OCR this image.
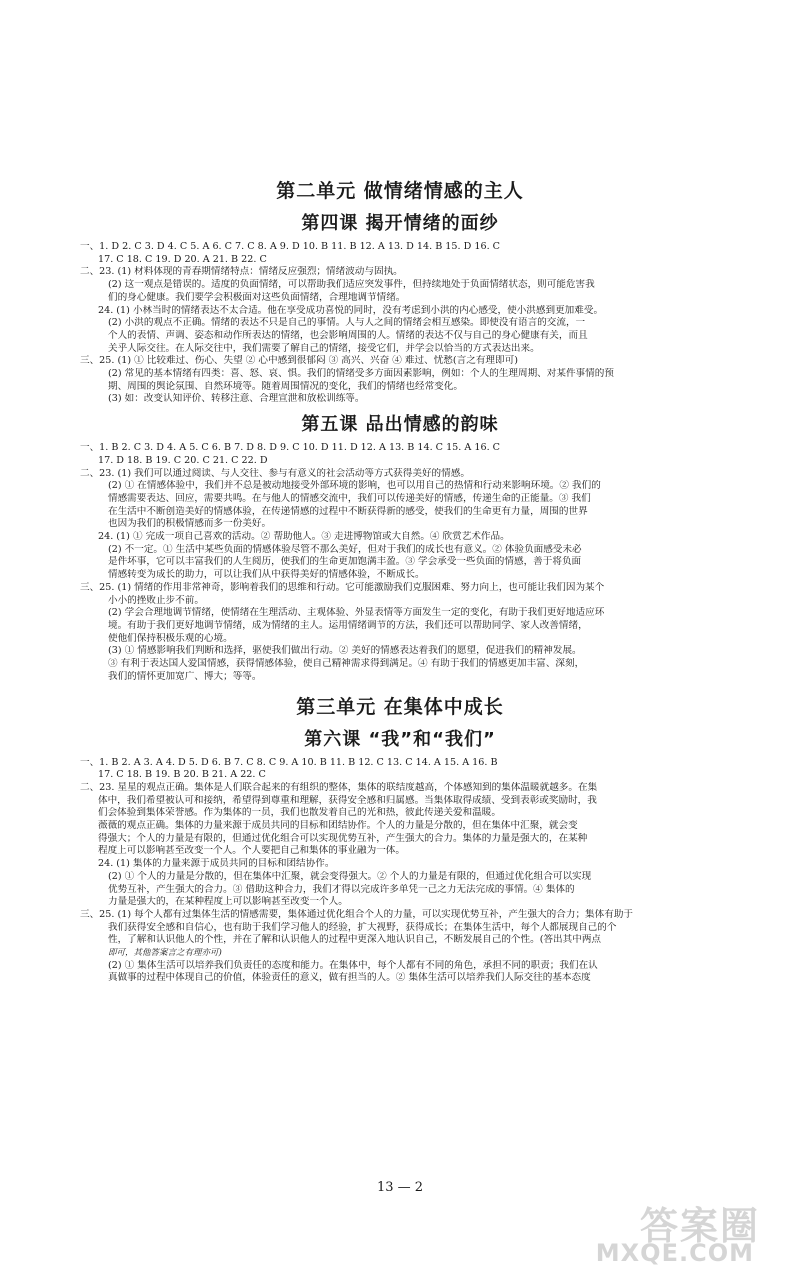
第二单元 做情绪情感的主人
第四课 揭开情绪的面纱
一、1. D 2. C 3. D 4. C 5. A 6. C 7. C 8. A 9. D 10. B 11. B 12. A 13. D 14. B 15. D 16. C
17. C 18. C 19. D 20. A 21. B 22. C
二、23. (1) 材料体现的青春期情绪特点：情绪反应强烈；情绪波动与固执。
(2) 这一观点是错误的。适度的负面情绪，可以帮助我们适应突发事件，但持续地处于负面情绪状态，则可能危害我
们的身心健康。我们要学会积极面对这些负面情绪，合理地调节情绪。
24. (1) 小林当时的情绪表达不太合适。他在享受成功喜悦的同时，没有考虑到小洪的内心感受，使小洪感到更加难受。
(2) 小洪的观点不正确。情绪的表达不只是自己的事情。人与人之间的情绪会相互感染。即使没有语言的交流，一
个人的表情、声调、姿态和动作所表达的情绪，也会影响周围的人。情绪的表达不仅与自己的身心健康有关，而且
关乎人际交往。在人际交往中，我们需要了解自己的情绪，接受它们，并学会以恰当的方式表达出来。
三、25. (1) ① 比较难过、伤心、失望 ② 心中感到很郁闷 ③ 高兴、兴奋 ④ 难过、忧愁(言之有理即可)
(2) 常见的基本情绪有四类：喜、怒、哀、惧。我们的情绪受多方面因素影响，例如：个人的生理周期、对某件事情的预
期、周围的舆论氛围、自然环境等。随着周围情况的变化，我们的情绪也经常变化。
(3) 如：改变认知评价、转移注意、合理宣泄和放松训练等。
第五课 品出情感的韵味
一、1. B 2. C 3. D 4. A 5. C 6. B 7. D 8. D 9. C 10. D 11. D 12. A 13. B 14. C 15. A 16. C
17. D 18. B 19. C 20. C 21. C 22. D
二、23. (1) 我们可以通过阅读、与人交往、参与有意义的社会活动等方式获得美好的情感。
(2) ① 在情感体验中，我们并不总是被动地接受外部环境的影响，也可以用自己的热情和行动来影响环境。② 我们的
情感需要表达、回应，需要共鸣。在与他人的情感交流中，我们可以传递美好的情感，传递生命的正能量。③ 我们
在生活中不断创造美好的情感体验，在传递情感的过程中不断获得新的感受，使我们的生命更有力量，周围的世界
也因为我们的积极情感而多一份美好。
24. (1) ① 完成一项自己喜欢的活动。② 帮助他人。③ 走进博物馆或大自然。④ 欣赏艺术作品。
(2) 不一定。① 生活中某些负面的情感体验尽管不那么美好，但对于我们的成长也有意义。② 体验负面感受未必
是件坏事，它可以丰富我们的人生阅历，使我们的生命更加饱满丰盈。③ 学会承受一些负面的情感，善于将负面
情感转变为成长的助力，可以让我们从中获得美好的情感体验，不断成长。
三、25. (1) 情绪的作用非常神奇，影响着我们的思维和行动。它可能激励我们克服困难、努力向上，也可能让我们因为某个
小小的挫败止步不前。
(2) 学会合理地调节情绪，使情绪在生理活动、主观体验、外显表情等方面发生一定的变化，有助于我们更好地适应环
境。有助于我们更好地调节情绪，成为情绪的主人。运用情绪调节的方法，我们还可以帮助同学、家人改善情绪，
使他们保持积极乐观的心境。
(3) ① 情感影响我们判断和选择，驱使我们做出行动。② 美好的情感表达着我们的愿望，促进我们的精神发展。
③ 有利于表达国人爱国情感，获得情感体验，使自己精神需求得到满足。④ 有助于我们的情感更加丰富、深刻，
我们的情怀更加宽广、博大；等等。
第三单元 在集体中成长
第六课 “我”和“我们”
一、1. B 2. A 3. A 4. D 5. D 6. B 7. C 8. C 9. A 10. B 11. B 12. C 13. C 14. A 15. A 16. B
17. C 18. B 19. B 20. B 21. A 22. C
二、23. 星星的观点正确。集体是人们联合起来的有组织的整体，集体的联结度越高，个体感知到的集体温暖就越多。在集
体中，我们希望被认可和接纳，希望得到尊重和理解，获得安全感和归属感。当集体取得成绩、受到表彰或奖励时，我
们会体验到集体荣誉感。作为集体的一员，我们也散发着自己的光和热，彼此传递关爱和温暖。
薇薇的观点正确。集体的力量来源于成员共同的目标和团结协作。个人的力量是分散的，但在集体中汇聚，就会变
得强大；个人的力量是有限的，但通过优化组合可以实现优势互补，产生强大的合力。集体的力量是强大的，在某种
程度上可以影响甚至改变一个人。个人要把自己和集体的事业融为一体。
24. (1) 集体的力量来源于成员共同的目标和团结协作。
(2) ① 个人的力量是分散的，但在集体中汇聚，就会变得强大。② 个人的力量是有限的，但通过优化组合可以实现
优势互补，产生强大的合力。③ 借助这种合力，我们才得以完成许多单凭一己之力无法完成的事情。④ 集体的
力量是强大的，在某种程度上可以影响甚至改变一个人。
三、25. (1) 每个人都有过集体生活的情感需要，集体通过优化组合个人的力量，可以实现优势互补，产生强大的合力；集体有助于
我们获得安全感和自信心，也有助于我们学习他人的经验，扩大视野，获得成长；在集体生活中，每个人都展现自己的个
性，了解和认识他人的个性，并在了解和认识他人的过程中更深入地认识自己，不断发展自己的个性。(答出其中两点
即可，其他答案言之有理亦可)
(2) ① 集体生活可以培养我们负责任的态度和能力。在集体中，每个人都有不同的角色，承担不同的职责；我们在认
真做事的过程中体现自己的价值，体验责任的意义，做有担当的人。② 集体生活可以培养我们人际交往的基本态度
13 — 2
答案圈
MXQE.COM
